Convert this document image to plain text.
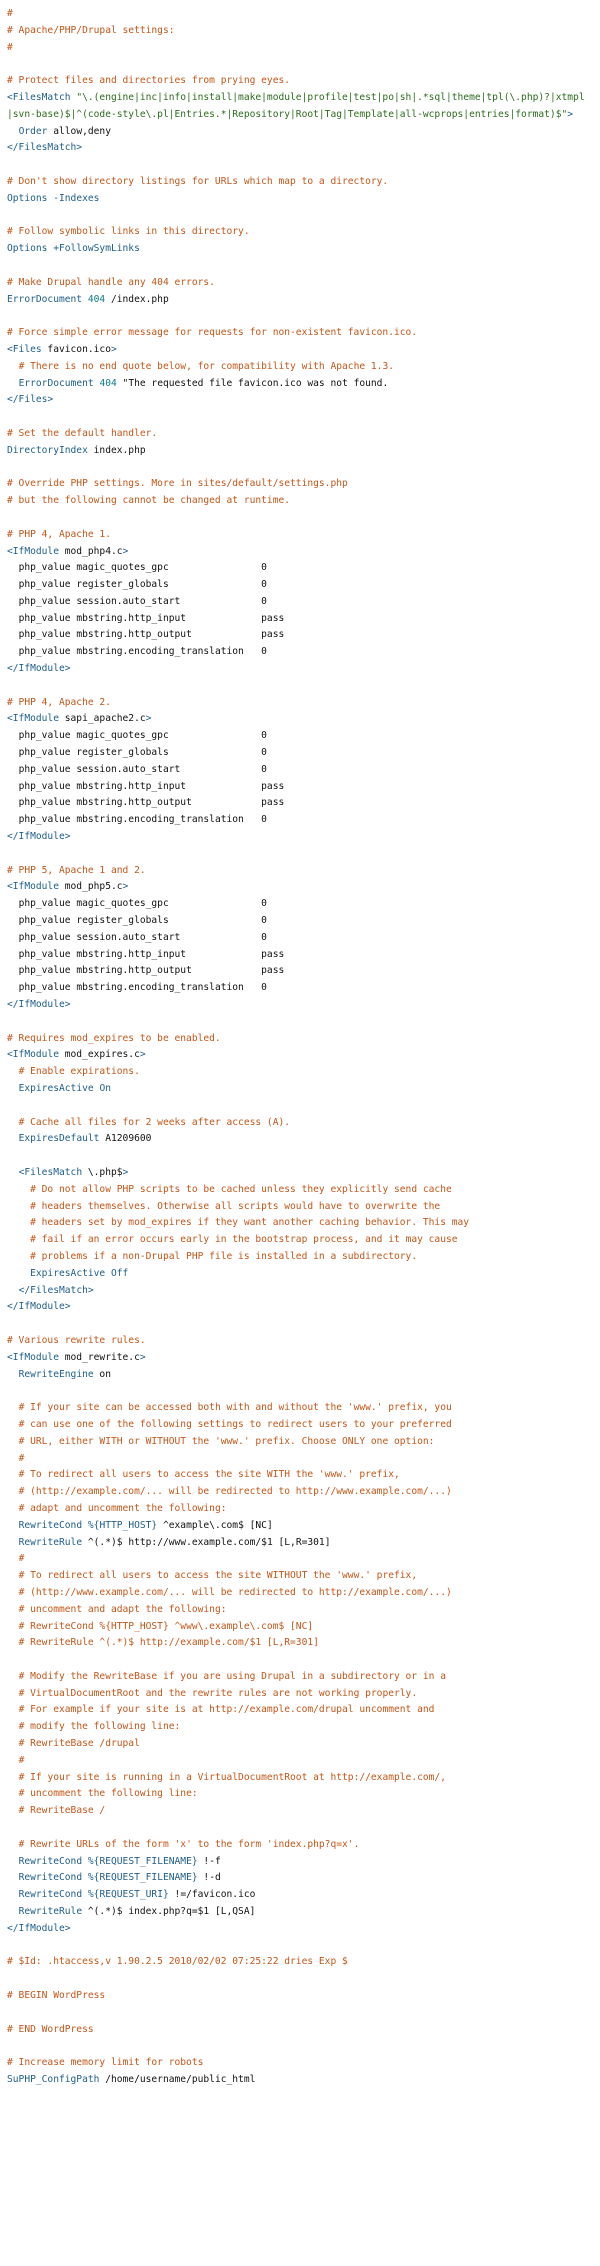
#
# Apache/PHP/Drupal settings:
#
# Protect files and directories from prying eyes.
<FilesMatch "\.(engine|inc|info|install|make|module|profile|test|po|sh|.*sql|theme|tpl(\.php)?|xtmpl|svn-base)$|^(code-style\.pl|Entries.*|Repository|Root|Tag|Template|all-wcprops|entries|format)$">
Order allow,deny
</FilesMatch>
# Don't show directory listings for URLs which map to a directory.
Options -Indexes
# Follow symbolic links in this directory.
Options +FollowSymLinks
# Make Drupal handle any 404 errors.
ErrorDocument 404 /index.php
# Force simple error message for requests for non-existent favicon.ico.
<Files favicon.ico>
# There is no end quote below, for compatibility with Apache 1.3.
ErrorDocument 404 "The requested file favicon.ico was not found.
</Files>
# Set the default handler.
DirectoryIndex index.php
# Override PHP settings. More in sites/default/settings.php
# but the following cannot be changed at runtime.
# PHP 4, Apache 1.
<IfModule mod_php4.c>
php_value magic_quotes_gpc                0
php_value register_globals                0
php_value session.auto_start              0
php_value mbstring.http_input             pass
php_value mbstring.http_output            pass
php_value mbstring.encoding_translation   0
</IfModule>
# PHP 4, Apache 2.
<IfModule sapi_apache2.c>
php_value magic_quotes_gpc                0
php_value register_globals                0
php_value session.auto_start              0
php_value mbstring.http_input             pass
php_value mbstring.http_output            pass
php_value mbstring.encoding_translation   0
</IfModule>
# PHP 5, Apache 1 and 2.
<IfModule mod_php5.c>
php_value magic_quotes_gpc                0
php_value register_globals                0
php_value session.auto_start              0
php_value mbstring.http_input             pass
php_value mbstring.http_output            pass
php_value mbstring.encoding_translation   0
</IfModule>
# Requires mod_expires to be enabled.
<IfModule mod_expires.c>
# Enable expirations.
ExpiresActive On
# Cache all files for 2 weeks after access (A).
ExpiresDefault A1209600
<FilesMatch \.php$>
# Do not allow PHP scripts to be cached unless they explicitly send cache
# headers themselves. Otherwise all scripts would have to overwrite the
# headers set by mod_expires if they want another caching behavior. This may
# fail if an error occurs early in the bootstrap process, and it may cause
# problems if a non-Drupal PHP file is installed in a subdirectory.
ExpiresActive Off
</FilesMatch>
</IfModule>
# Various rewrite rules.
<IfModule mod_rewrite.c>
RewriteEngine on
# If your site can be accessed both with and without the 'www.' prefix, you
# can use one of the following settings to redirect users to your preferred
# URL, either WITH or WITHOUT the 'www.' prefix. Choose ONLY one option:
#
# To redirect all users to access the site WITH the 'www.' prefix,
# (http://example.com/... will be redirected to http://www.example.com/...)
# adapt and uncomment the following:
RewriteCond %{HTTP_HOST} ^example\.com$ [NC]
RewriteRule ^(.*)$ http://www.example.com/$1 [L,R=301]
#
# To redirect all users to access the site WITHOUT the 'www.' prefix,
# (http://www.example.com/... will be redirected to http://example.com/...)
# uncomment and adapt the following:
# RewriteCond %{HTTP_HOST} ^www\.example\.com$ [NC]
# RewriteRule ^(.*)$ http://example.com/$1 [L,R=301]
# Modify the RewriteBase if you are using Drupal in a subdirectory or in a
# VirtualDocumentRoot and the rewrite rules are not working properly.
# For example if your site is at http://example.com/drupal uncomment and
# modify the following line:
# RewriteBase /drupal
#
# If your site is running in a VirtualDocumentRoot at http://example.com/,
# uncomment the following line:
# RewriteBase /
# Rewrite URLs of the form 'x' to the form 'index.php?q=x'.
RewriteCond %{REQUEST_FILENAME} !-f
RewriteCond %{REQUEST_FILENAME} !-d
RewriteCond %{REQUEST_URI} !=/favicon.ico
RewriteRule ^(.*)$ index.php?q=$1 [L,QSA]
</IfModule>
# $Id: .htaccess,v 1.90.2.5 2010/02/02 07:25:22 dries Exp $
# BEGIN WordPress
# END WordPress
# Increase memory limit for robots
SuPHP_ConfigPath /home/username/public_html
